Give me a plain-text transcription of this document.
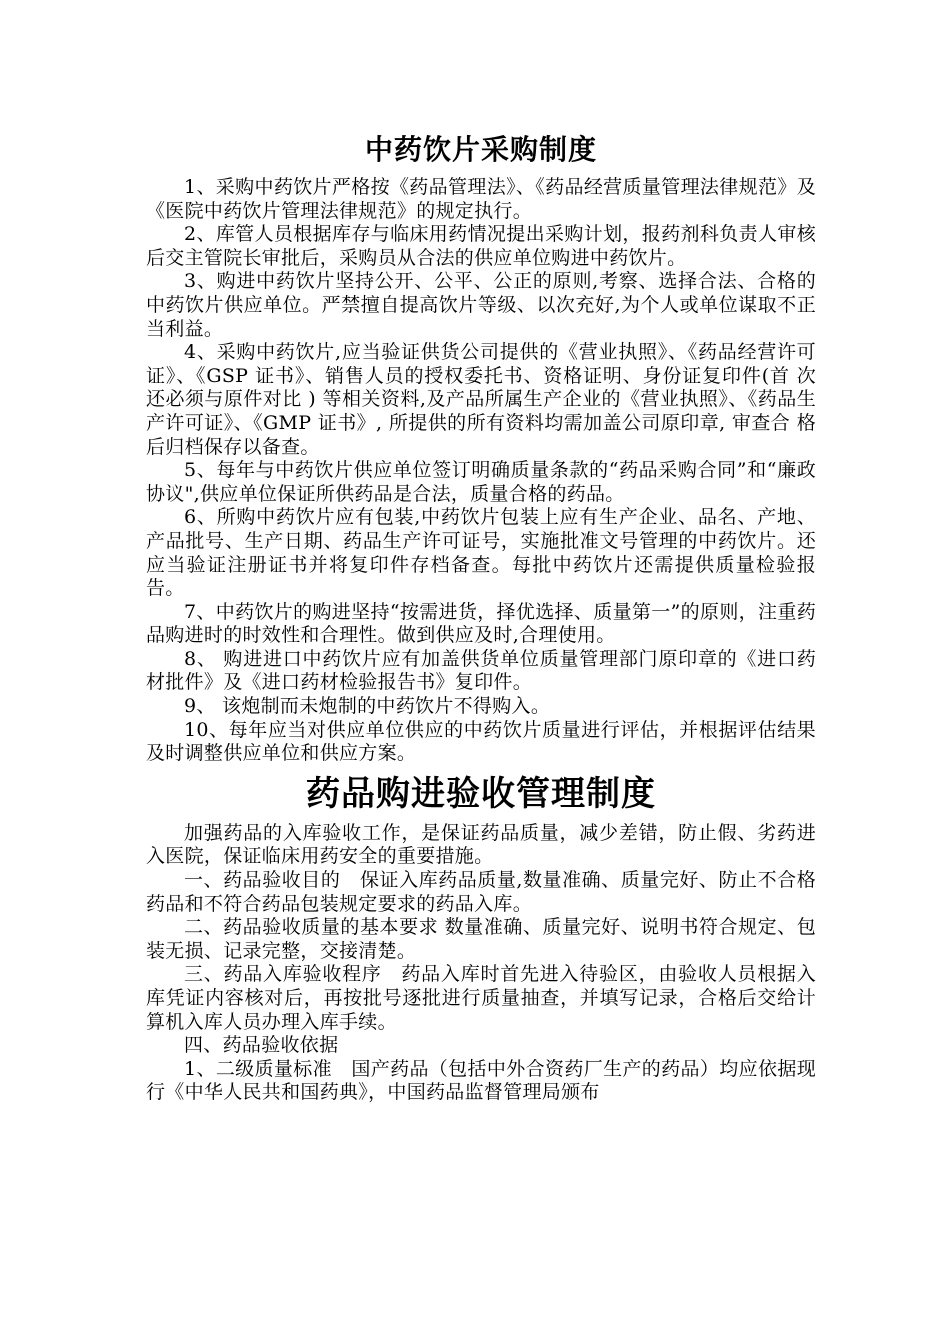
中药饮片采购制度

1、采购中药饮片严格按《药品管理法》、《药品经营质量管理法律规范》及《医院中药饮片管理法律规范》的规定执行。

2、库管人员根据库存与临床用药情况提出采购计划，报药剂科负责人审核后交主管院长审批后，采购员从合法的供应单位购进中药饮片。

3、购进中药饮片坚持公开、公平、公正的原则,考察、选择合法、合格的中药饮片供应单位。严禁擅自提高饮片等级、以次充好,为个人或单位谋取不正当利益。

4、采购中药饮片,应当验证供货公司提供的《营业执照》、《药品经营许可证》、《GSP 证书》、销售人员的授权委托书、资格证明、身份证复印件(首 次还必须与原件对比 ) 等相关资料,及产品所属生产企业的《营业执照》、《药品生产许可证》、《GMP 证书》, 所提供的所有资料均需加盖公司原印章, 审查合 格后归档保存以备查。

5、每年与中药饮片供应单位签订明确质量条款的“药品采购合同”和“廉政协议",供应单位保证所供药品是合法，质量合格的药品。

6、所购中药饮片应有包装,中药饮片包装上应有生产企业、品名、产地、产品批号、生产日期、药品生产许可证号，实施批准文号管理的中药饮片。还应当验证注册证书并将复印件存档备查。每批中药饮片还需提供质量检验报告。

7、中药饮片的购进坚持“按需进货，择优选择、质量第一”的原则，注重药品购进时的时效性和合理性。做到供应及时,合理使用。

8、 购进进口中药饮片应有加盖供货单位质量管理部门原印章的《进口药材批件》及《进口药材检验报告书》复印件。

9、 该炮制而未炮制的中药饮片不得购入。

10、每年应当对供应单位供应的中药饮片质量进行评估，并根据评估结果及时调整供应单位和供应方案。

药品购进验收管理制度

加强药品的入库验收工作，是保证药品质量，减少差错，防止假、劣药进入医院，保证临床用药安全的重要措施。

一、药品验收目的　保证入库药品质量,数量准确、质量完好、防止不合格药品和不符合药品包装规定要求的药品入库。

二、药品验收质量的基本要求 数量准确、质量完好、说明书符合规定、包装无损、记录完整，交接清楚。

三、药品入库验收程序　药品入库时首先进入待验区，由验收人员根据入库凭证内容核对后，再按批号逐批进行质量抽查，并填写记录，合格后交给计算机入库人员办理入库手续。

四、药品验收依据

1、二级质量标准　国产药品（包括中外合资药厂生产的药品）均应依据现行《中华人民共和国药典》，中国药品监督管理局颁布
